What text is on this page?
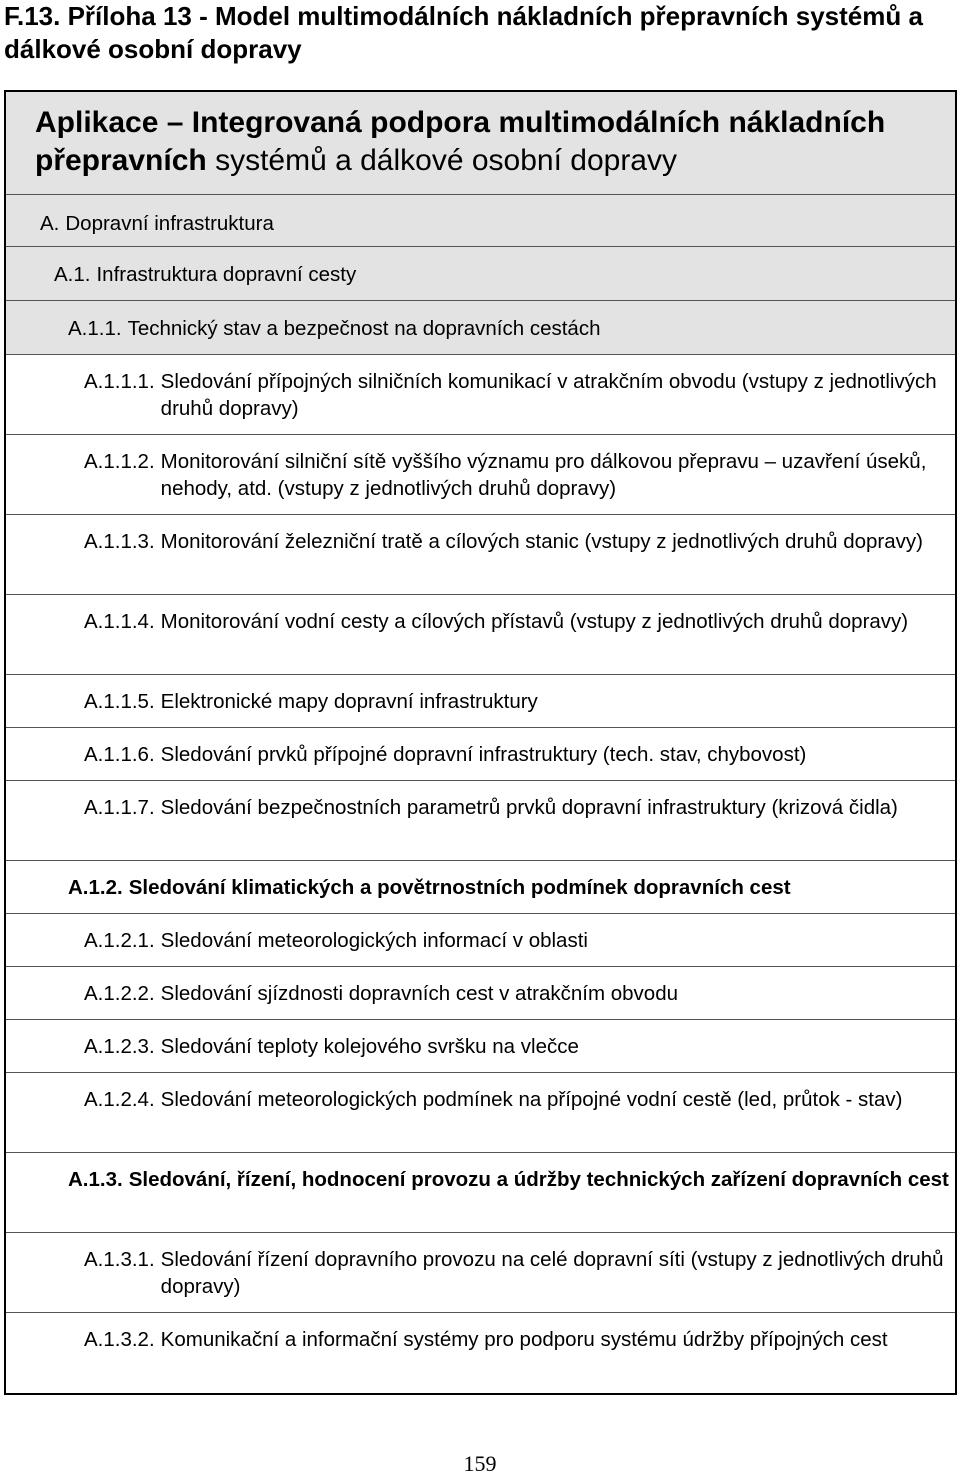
F.13. Příloha 13 - Model multimodálních nákladních přepravních systémů a dálkové osobní dopravy
Aplikace – Integrovaná podpora multimodálních nákladních přepravních systémů a dálkové osobní dopravy
A. Dopravní infrastruktura
A.1. Infrastruktura dopravní cesty
A.1.1. Technický stav a bezpečnost na dopravních cestách
A.1.1.1. Sledování přípojných silničních komunikací v atrakčním obvodu (vstupy z jednotlivých druhů dopravy)
A.1.1.2. Monitorování silniční sítě vyššího významu pro dálkovou přepravu – uzavření úseků, nehody, atd. (vstupy z jednotlivých druhů dopravy)
A.1.1.3. Monitorování železniční tratě a cílových stanic (vstupy z jednotlivých druhů dopravy)
A.1.1.4. Monitorování vodní cesty a cílových přístavů (vstupy z jednotlivých druhů dopravy)
A.1.1.5. Elektronické mapy dopravní infrastruktury
A.1.1.6. Sledování prvků přípojné dopravní infrastruktury (tech. stav, chybovost)
A.1.1.7. Sledování bezpečnostních parametrů prvků dopravní infrastruktury (krizová čidla)
A.1.2. Sledování klimatických a povětrnostních podmínek dopravních cest
A.1.2.1. Sledování meteorologických informací v oblasti
A.1.2.2. Sledování sjízdnosti dopravních cest v atrakčním obvodu
A.1.2.3. Sledování teploty kolejového svršku na vlečce
A.1.2.4. Sledování meteorologických podmínek na přípojné vodní cestě (led, průtok - stav)
A.1.3. Sledování, řízení, hodnocení provozu a údržby technických zařízení dopravních cest
A.1.3.1. Sledování řízení dopravního provozu na celé dopravní síti (vstupy z jednotlivých druhů dopravy)
A.1.3.2. Komunikační a informační systémy pro podporu systému údržby přípojných cest
159
